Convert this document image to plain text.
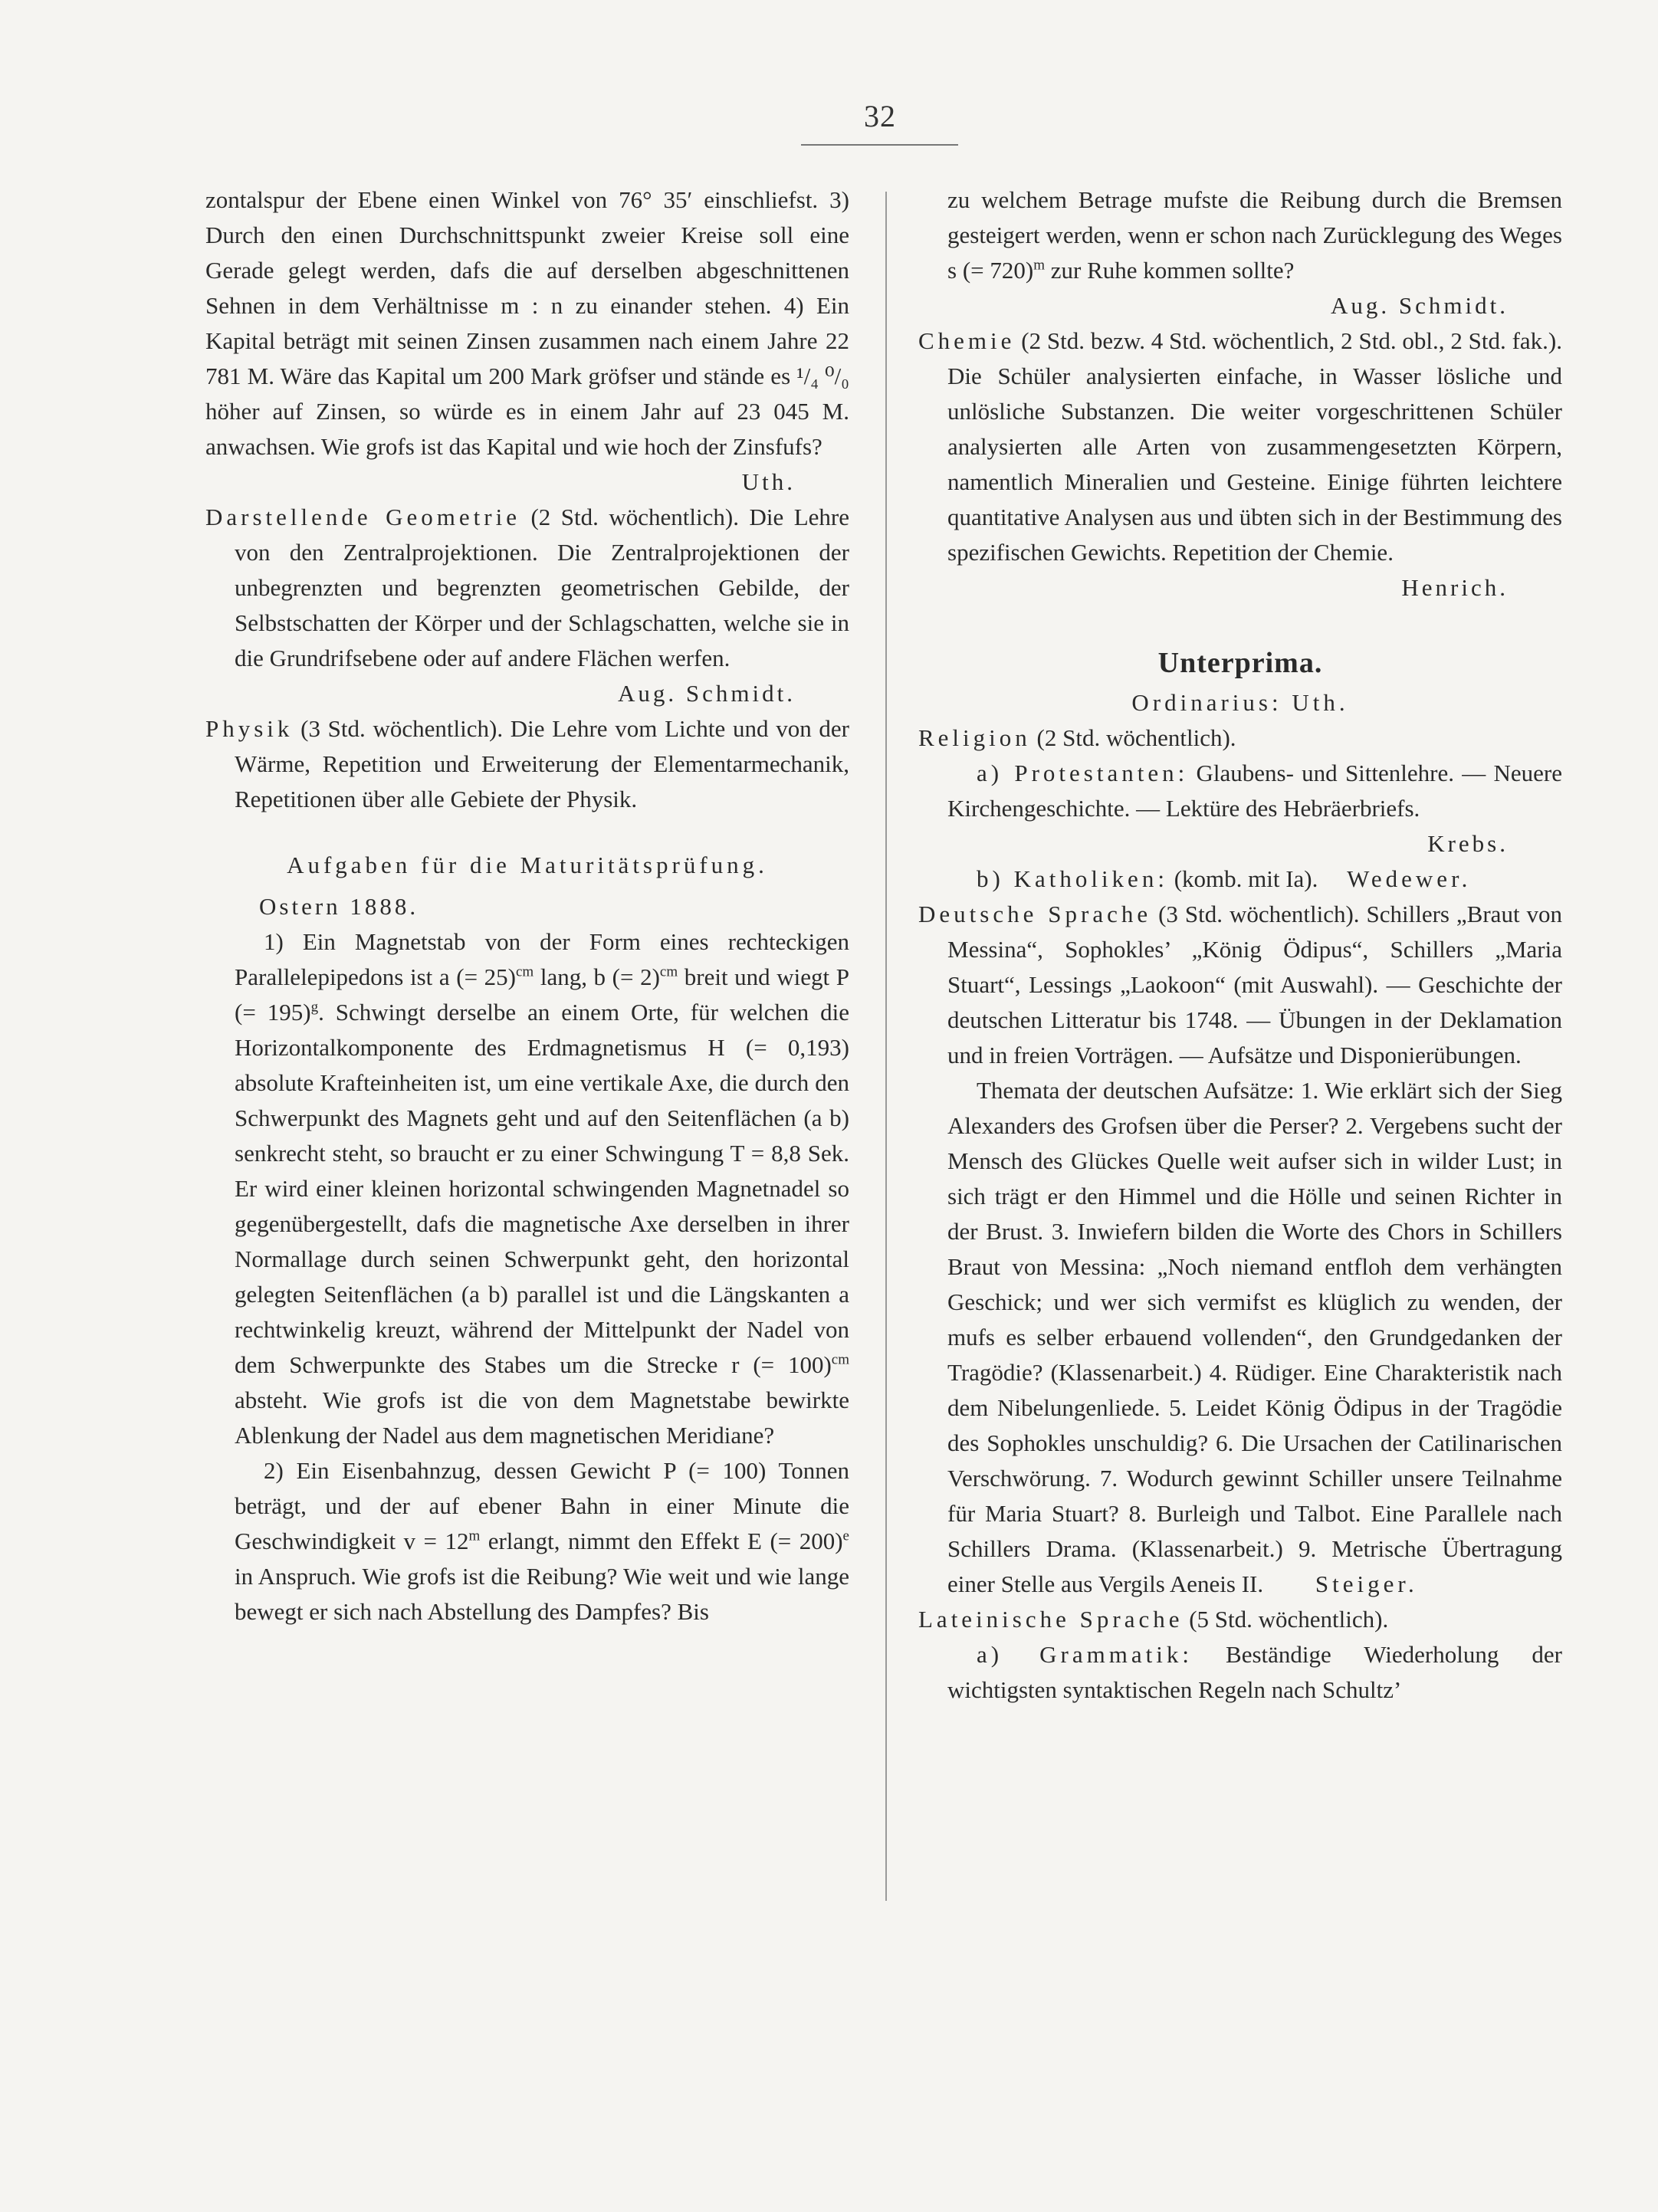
32

zontalspur der Ebene einen Winkel von 76° 35′ einschliefst. 3) Durch den einen Durchschnittspunkt zweier Kreise soll eine Gerade gelegt werden, dafs die auf derselben abgeschnittenen Sehnen in dem Verhältnisse m : n zu einander stehen. 4) Ein Kapital beträgt mit seinen Zinsen zusammen nach einem Jahre 22 781 M. Wäre das Kapital um 200 Mark gröfser und stände es ¹/₄ ⁰/₀ höher auf Zinsen, so würde es in einem Jahr auf 23 045 M. anwachsen. Wie grofs ist das Kapital und wie hoch der Zinsfufs?
Uth.

Darstellende Geometrie (2 Std. wöchentlich). Die Lehre von den Zentralprojektionen. Die Zentralprojektionen der unbegrenzten und begrenzten geometrischen Gebilde, der Selbstschatten der Körper und der Schlagschatten, welche sie in die Grundrifsebene oder auf andere Flächen werfen.
Aug. Schmidt.

Physik (3 Std. wöchentlich). Die Lehre vom Lichte und von der Wärme, Repetition und Erweiterung der Elementarmechanik, Repetitionen über alle Gebiete der Physik.

Aufgaben für die Maturitätsprüfung.

Ostern 1888.

1) Ein Magnetstab von der Form eines rechteckigen Parallelepipedons ist a (= 25)$^{cm}$ lang, b (= 2)$^{cm}$ breit und wiegt P (= 195)$^g$. Schwingt derselbe an einem Orte, für welchen die Horizontalkomponente des Erdmagnetismus H (= 0,193) absolute Krafteinheiten ist, um eine vertikale Axe, die durch den Schwerpunkt des Magnets geht und auf den Seitenflächen (a b) senkrecht steht, so braucht er zu einer Schwingung T = 8,8 Sek. Er wird einer kleinen horizontal schwingenden Magnetnadel so gegenübergestellt, dafs die magnetische Axe derselben in ihrer Normallage durch seinen Schwerpunkt geht, den horizontal gelegten Seitenflächen (a b) parallel ist und die Längskanten a rechtwinkelig kreuzt, während der Mittelpunkt der Nadel von dem Schwerpunkte des Stabes um die Strecke r (= 100)$^{cm}$ absteht. Wie grofs ist die von dem Magnetstabe bewirkte Ablenkung der Nadel aus dem magnetischen Meridiane?

2) Ein Eisenbahnzug, dessen Gewicht P (= 100) Tonnen beträgt, und der auf ebener Bahn in einer Minute die Geschwindigkeit $v = 12^m$ erlangt, nimmt den Effekt E (= 200)$^e$ in Anspruch. Wie grofs ist die Reibung? Wie weit und wie lange bewegt er sich nach Abstellung des Dampfes? Bis

zu welchem Betrage mufste die Reibung durch die Bremsen gesteigert werden, wenn er schon nach Zurücklegung des Weges s (= 720)$^m$ zur Ruhe kommen sollte?
Aug. Schmidt.

Chemie (2 Std. bezw. 4 Std. wöchentlich, 2 Std. obl., 2 Std. fak.). Die Schüler analysierten einfache, in Wasser lösliche und unlösliche Substanzen. Die weiter vorgeschrittenen Schüler analysierten alle Arten von zusammengesetzten Körpern, namentlich Mineralien und Gesteine. Einige führten leichtere quantitative Analysen aus und übten sich in der Bestimmung des spezifischen Gewichts. Repetition der Chemie.
Henrich.

Unterprima.

Ordinarius: Uth.

Religion (2 Std. wöchentlich).

a) Protestanten: Glaubens- und Sittenlehre. — Neuere Kirchengeschichte. — Lektüre des Hebräerbriefs.
Krebs.

b) Katholiken: (komb. mit Ia). Wedewer.

Deutsche Sprache (3 Std. wöchentlich). Schillers „Braut von Messina“, Sophokles’ „König Ödipus“, Schillers „Maria Stuart“, Lessings „Laokoon“ (mit Auswahl). — Geschichte der deutschen Litteratur bis 1748. — Übungen in der Deklamation und in freien Vorträgen. — Aufsätze und Disponierübungen.

Themata der deutschen Aufsätze: 1. Wie erklärt sich der Sieg Alexanders des Grofsen über die Perser? 2. Vergebens sucht der Mensch des Glückes Quelle weit aufser sich in wilder Lust; in sich trägt er den Himmel und die Hölle und seinen Richter in der Brust. 3. Inwiefern bilden die Worte des Chors in Schillers Braut von Messina: „Noch niemand entfloh dem verhängten Geschick; und wer sich vermifst es klüglich zu wenden, der mufs es selber erbauend vollenden“, den Grundgedanken der Tragödie? (Klassenarbeit.) 4. Rüdiger. Eine Charakteristik nach dem Nibelungenliede. 5. Leidet König Ödipus in der Tragödie des Sophokles unschuldig? 6. Die Ursachen der Catilinarischen Verschwörung. 7. Wodurch gewinnt Schiller unsere Teilnahme für Maria Stuart? 8. Burleigh und Talbot. Eine Parallele nach Schillers Drama. (Klassenarbeit.) 9. Metrische Übertragung einer Stelle aus Vergils Aeneis II. Steiger.

Lateinische Sprache (5 Std. wöchentlich).

a) Grammatik: Beständige Wiederholung der wichtigsten syntaktischen Regeln nach Schultz’
